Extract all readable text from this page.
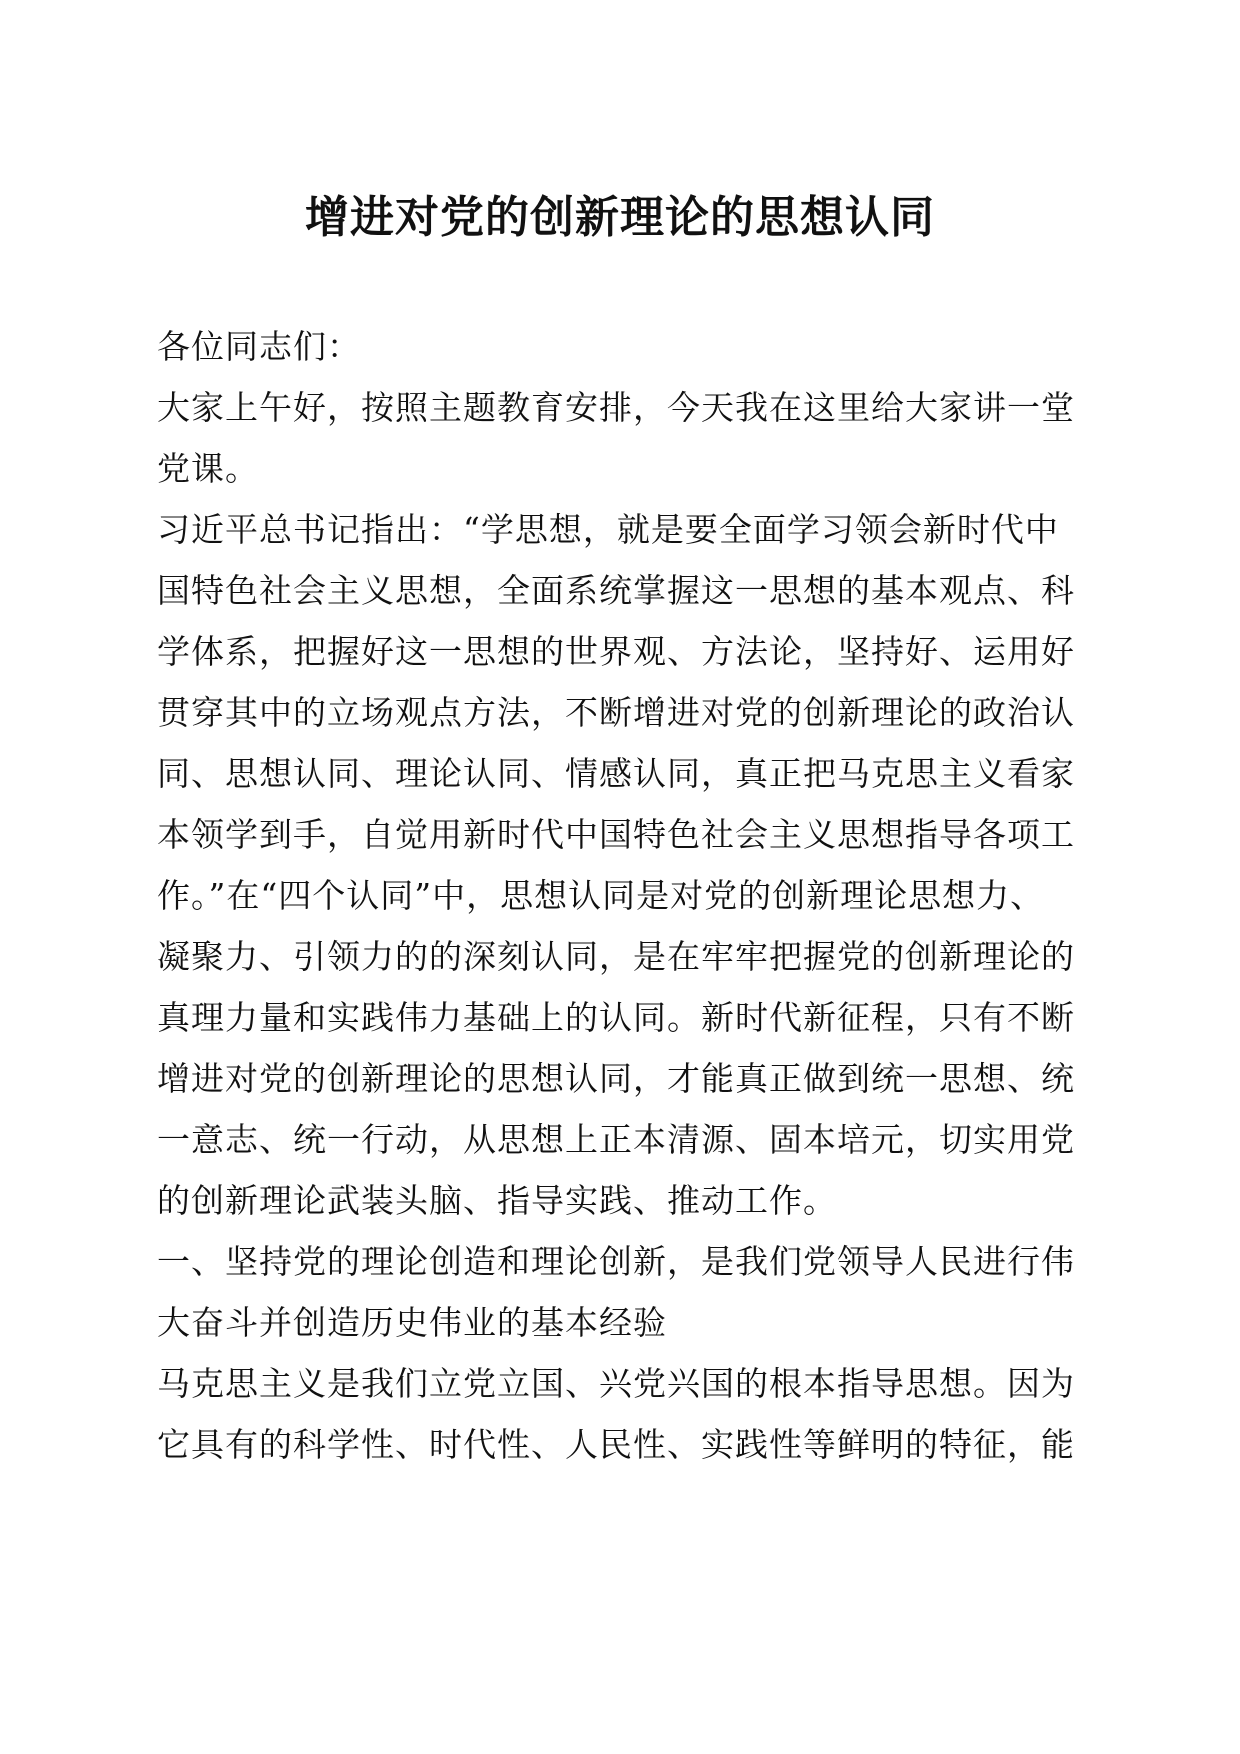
增进对党的创新理论的思想认同

各位同志们：

大家上午好，按照主题教育安排，今天我在这里给大家讲一堂

党课。

习近平总书记指出：“学思想，就是要全面学习领会新时代中

国特色社会主义思想，全面系统掌握这一思想的基本观点、科

学体系，把握好这一思想的世界观、方法论，坚持好、运用好

贯穿其中的立场观点方法，不断增进对党的创新理论的政治认

同、思想认同、理论认同、情感认同，真正把马克思主义看家

本领学到手，自觉用新时代中国特色社会主义思想指导各项工

作。”在“四个认同”中，思想认同是对党的创新理论思想力、

凝聚力、引领力的的深刻认同，是在牢牢把握党的创新理论的

真理力量和实践伟力基础上的认同。新时代新征程，只有不断

增进对党的创新理论的思想认同，才能真正做到统一思想、统

一意志、统一行动，从思想上正本清源、固本培元，切实用党

的创新理论武装头脑、指导实践、推动工作。

一、坚持党的理论创造和理论创新，是我们党领导人民进行伟

大奋斗并创造历史伟业的基本经验

马克思主义是我们立党立国、兴党兴国的根本指导思想。因为

它具有的科学性、时代性、人民性、实践性等鲜明的特征，能
